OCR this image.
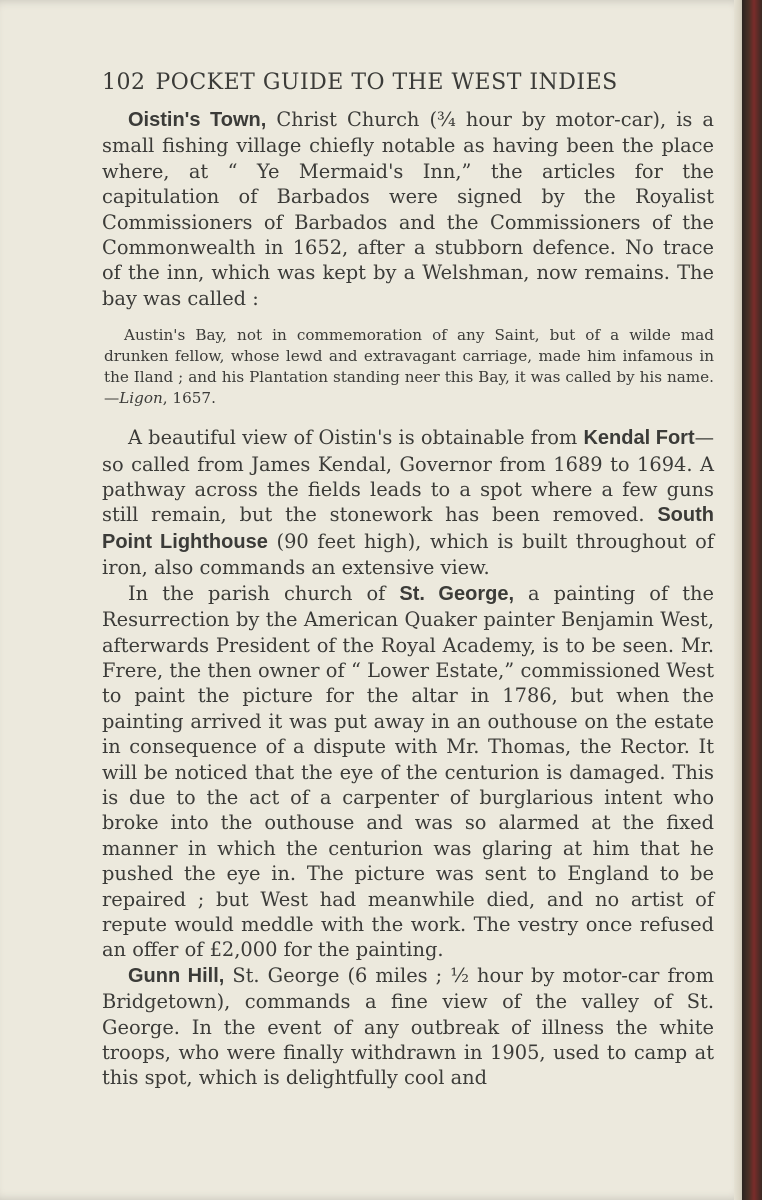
102 POCKET GUIDE TO THE WEST INDIES

Oistin's Town, Christ Church (¾ hour by motor-car), is a small fishing village chiefly notable as having been the place where, at “ Ye Mermaid's Inn,” the articles for the capitulation of Barbados were signed by the Royalist Commissioners of Barbados and the Commissioners of the Commonwealth in 1652, after a stubborn defence. No trace of the inn, which was kept by a Welshman, now remains. The bay was called :

Austin's Bay, not in commemoration of any Saint, but of a wilde mad drunken fellow, whose lewd and extravagant carriage, made him infamous in the Iland ; and his Plantation standing neer this Bay, it was called by his name.—Ligon, 1657.

A beautiful view of Oistin's is obtainable from Kendal Fort—so called from James Kendal, Governor from 1689 to 1694. A pathway across the fields leads to a spot where a few guns still remain, but the stonework has been removed. South Point Lighthouse (90 feet high), which is built throughout of iron, also commands an extensive view.

In the parish church of St. George, a painting of the Resurrection by the American Quaker painter Benjamin West, afterwards President of the Royal Academy, is to be seen. Mr. Frere, the then owner of “ Lower Estate,” commissioned West to paint the picture for the altar in 1786, but when the painting arrived it was put away in an outhouse on the estate in consequence of a dispute with Mr. Thomas, the Rector. It will be noticed that the eye of the centurion is damaged. This is due to the act of a carpenter of burglarious intent who broke into the outhouse and was so alarmed at the fixed manner in which the centurion was glaring at him that he pushed the eye in. The picture was sent to England to be repaired ; but West had meanwhile died, and no artist of repute would meddle with the work. The vestry once refused an offer of £2,000 for the painting.

Gunn Hill, St. George (6 miles ; ½ hour by motor-car from Bridgetown), commands a fine view of the valley of St. George. In the event of any outbreak of illness the white troops, who were finally withdrawn in 1905, used to camp at this spot, which is delightfully cool and
